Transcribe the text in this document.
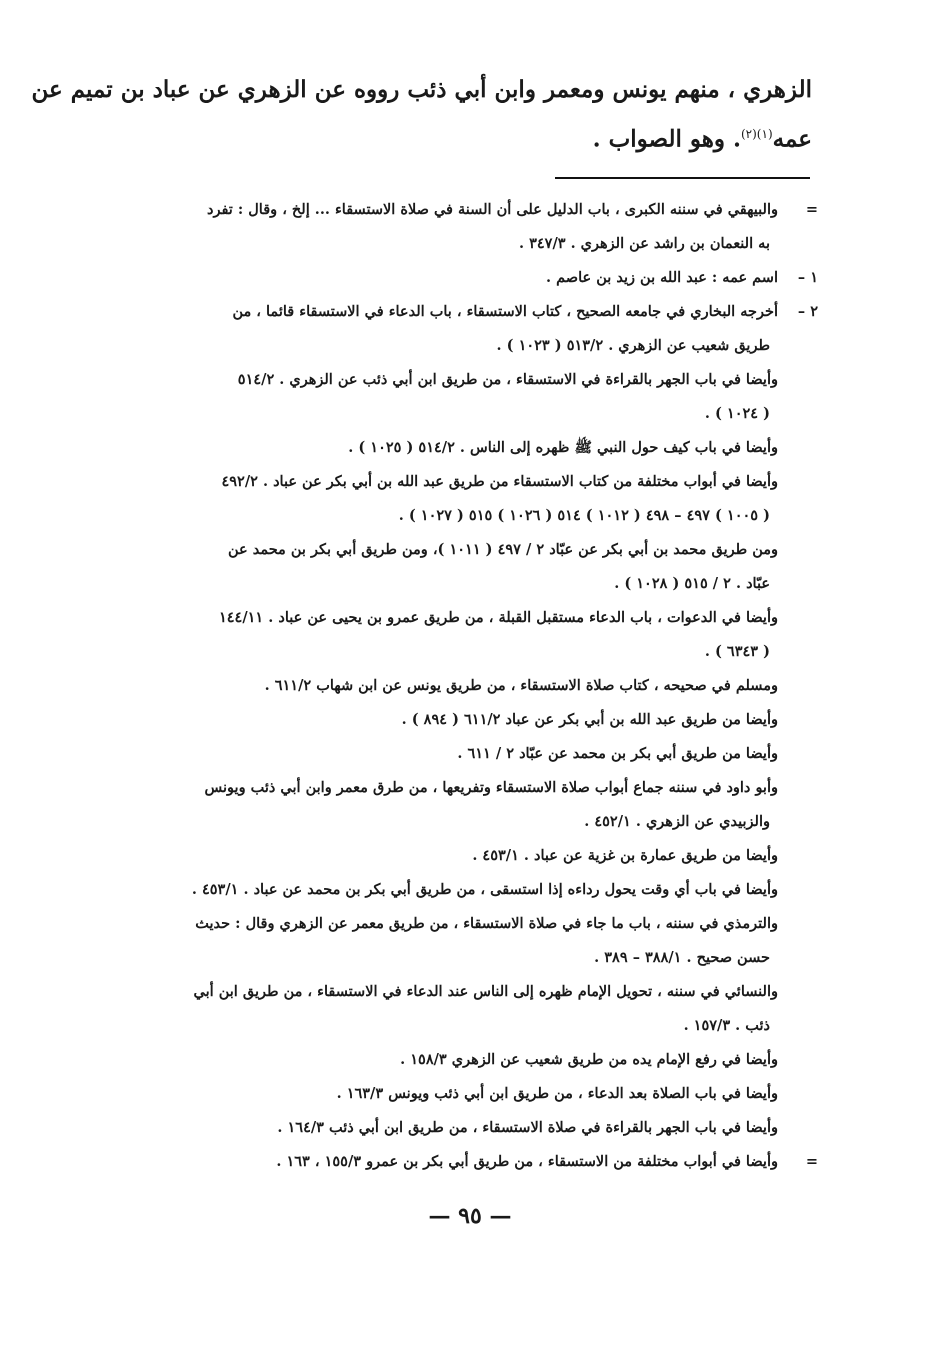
الزهري ، منهم يونس ومعمر وابن أبي ذئب رووه عن الزهري عن عباد بن تميم عن
عمه$^{(١)(٢)}$. وهو الصواب .
=
والبيهقي في سننه الكبرى ، باب الدليل على أن السنة في صلاة الاستسقاء ... إلخ ، وقال : تفرد
به النعمان بن راشد عن الزهري . ٣٤٧/٣ .
١ –
اسم عمه : عبد الله بن زيد بن عاصم .
٢ –
أخرجه البخاري في جامعه الصحيح ، كتاب الاستسقاء ، باب الدعاء في الاستسقاء قائما ، من
طريق شعيب عن الزهري . ٥١٣/٢ ( ١٠٢٣ ) .
وأيضا في باب الجهر بالقراءة في الاستسقاء ، من طريق ابن أبي ذئب عن الزهري . ٥١٤/٢
( ١٠٢٤ ) .
وأيضا في باب كيف حول النبي ﷺ ظهره إلى الناس . ٥١٤/٢ ( ١٠٢٥ ) .
وأيضا في أبواب مختلفة من كتاب الاستسقاء من طريق عبد الله بن أبي بكر عن عباد . ٤٩٢/٢
( ١٠٠٥ ) ٤٩٧ – ٤٩٨ ( ١٠١٢ ) ٥١٤ ( ١٠٢٦ ) ٥١٥ ( ١٠٢٧ ) .
ومن طريق محمد بن أبي بكر عن عبّاد ٢ / ٤٩٧ ( ١٠١١ )، ومن طريق أبي بكر بن محمد عن
عبّاد . ٢ / ٥١٥ ( ١٠٢٨ ) .
وأيضا في الدعوات ، باب الدعاء مستقبل القبلة ، من طريق عمرو بن يحيى عن عباد . ١٤٤/١١
( ٦٣٤٣ ) .
ومسلم في صحيحه ، كتاب صلاة الاستسقاء ، من طريق يونس عن ابن شهاب ٦١١/٢ .
وأيضا من طريق عبد الله بن أبي بكر عن عباد ٦١١/٢ ( ٨٩٤ ) .
وأيضا من طريق أبي بكر بن محمد عن عبّاد ٢ / ٦١١ .
وأبو داود في سننه جماع أبواب صلاة الاستسقاء وتفريعها ، من طرق معمر وابن أبي ذئب ويونس
والزبيدي عن الزهري . ٤٥٢/١ .
وأيضا من طريق عمارة بن غزية عن عباد . ٤٥٣/١ .
وأيضا في باب أي وقت يحول رداءه إذا استسقى ، من طريق أبي بكر بن محمد عن عباد . ٤٥٣/١ .
والترمذي في سننه ، باب ما جاء في صلاة الاستسقاء ، من طريق معمر عن الزهري وقال : حديث
حسن صحيح . ٣٨٨/١ – ٣٨٩ .
والنسائي في سننه ، تحويل الإمام ظهره إلى الناس عند الدعاء في الاستسقاء ، من طريق ابن أبي
ذئب . ١٥٧/٣ .
وأيضا في رفع الإمام يده من طريق شعيب عن الزهري ١٥٨/٣ .
وأيضا في باب الصلاة بعد الدعاء ، من طريق ابن أبي ذئب ويونس ١٦٣/٣ .
وأيضا في باب الجهر بالقراءة في صلاة الاستسقاء ، من طريق ابن أبي ذئب ١٦٤/٣ .
=
وأيضا في أبواب مختلفة من الاستسقاء ، من طريق أبي بكر بن عمرو ١٥٥/٣ ، ١٦٣ .
— ٩٥ —
